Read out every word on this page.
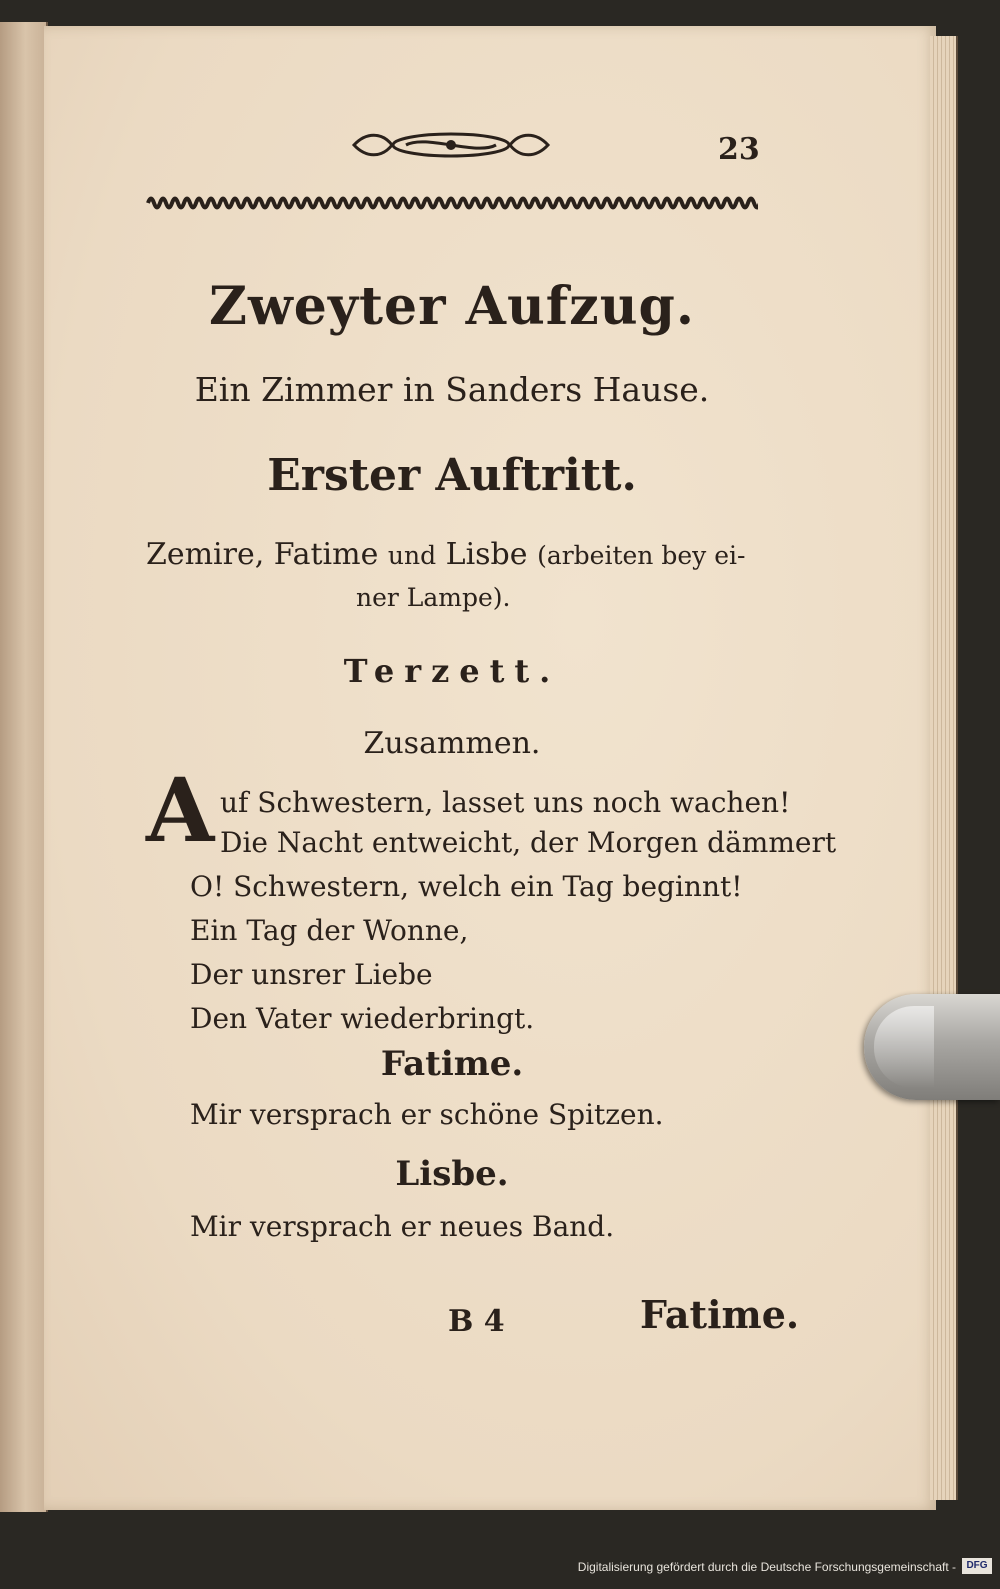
23
Zweyter Aufzug.
Ein Zimmer in Sanders Hause.
Erster Auftritt.
Zemire, Fatime und Lisbe (arbeiten bey ei-
ner Lampe).
Terzett.
Zusammen.
A uf Schwestern, lasset uns noch wachen!
Die Nacht entweicht, der Morgen dämmert
O! Schwestern, welch ein Tag beginnt!
Ein Tag der Wonne,
Der unsrer Liebe
Den Vater wiederbringt.
Fatime.
Mir versprach er schöne Spitzen.
Lisbe.
Mir versprach er neues Band.
B 4	Fatime.
Digitalisierung gefördert durch die Deutsche Forschungsgemeinschaft -	DFG
